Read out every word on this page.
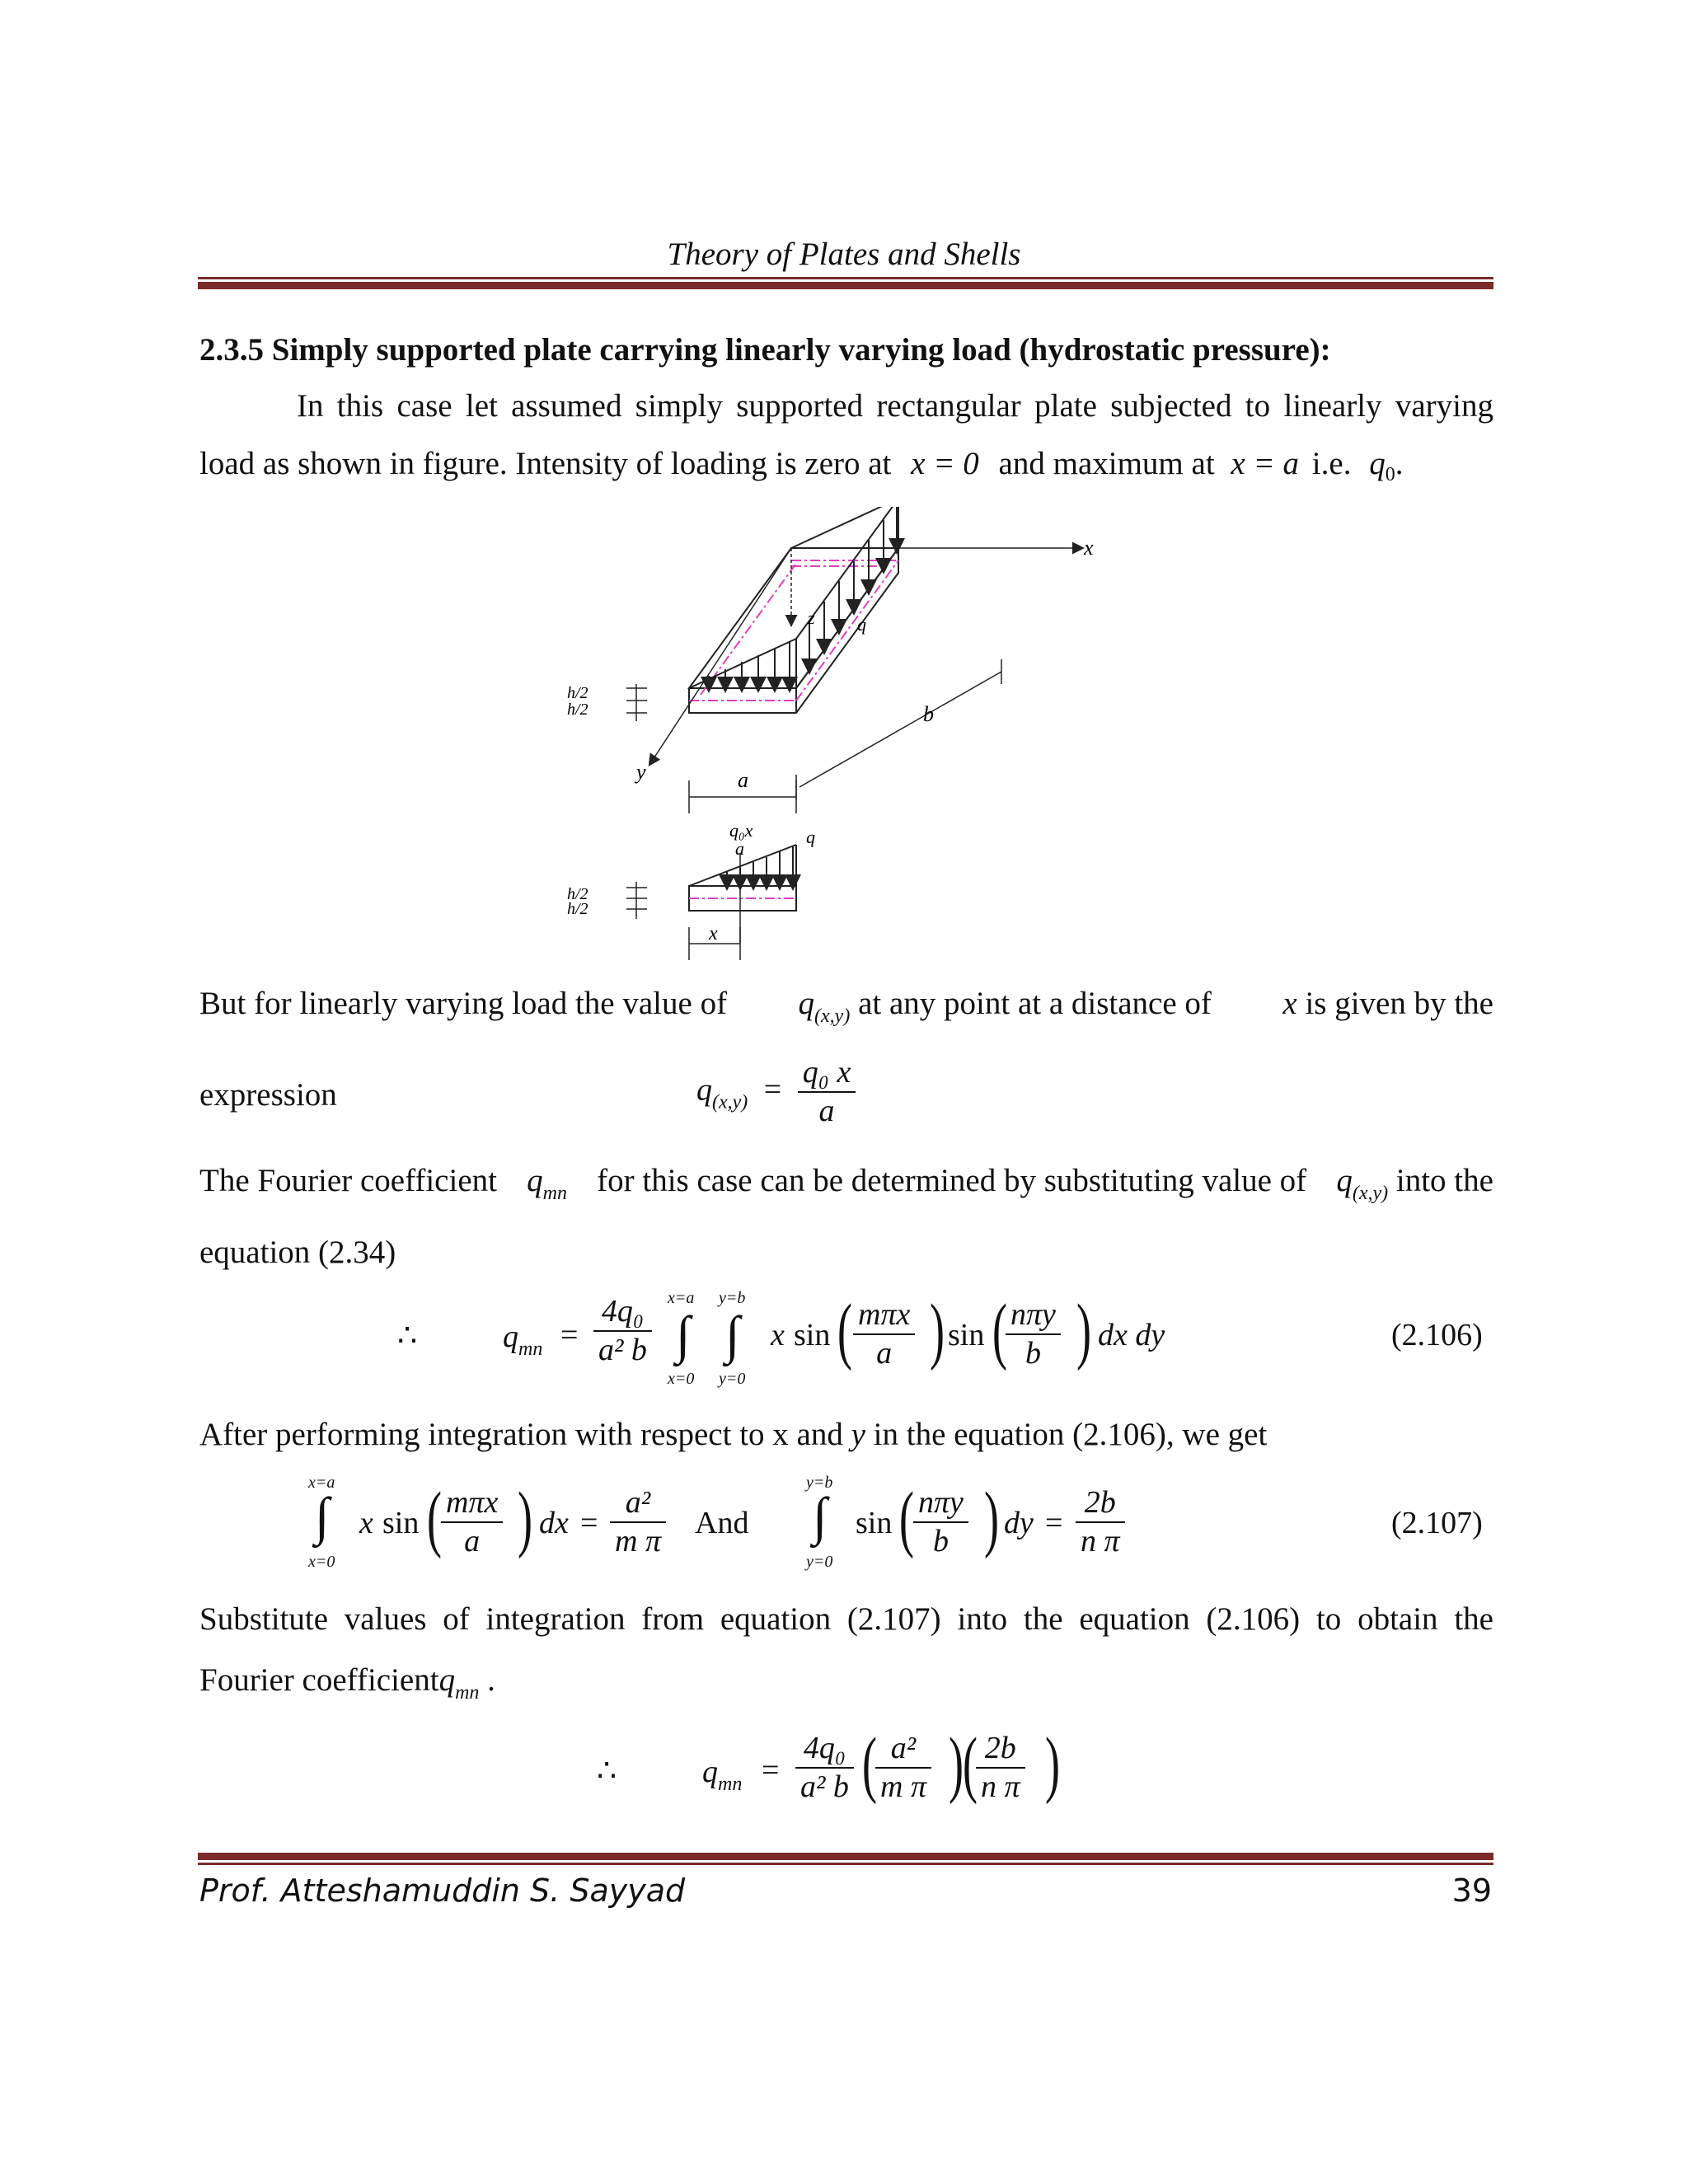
Theory of Plates and Shells
2.3.5 Simply supported plate carrying linearly varying load (hydrostatic pressure):
In this case let assumed simply supported rectangular plate subjected to linearly varying
load as shown in figure. Intensity of loading is zero at x = 0 and maximum at x = a i.e. $q_0$.
x
y
z q
b
a
h/2
h/2
q₀x
a
q
h/2
h/2
x
But for linearly varying load the value of $q_{(x,y)}$ at any point at a distance of x is given by the
expression	$q_{(x,y)} = \frac{\text{q₀ x}}{a}$
The Fourier coefficient $q_{mn}$ for this case can be determined by substituting value of $q_{(x,y)}$ into the
equation (2.34)
∴	$q_{mn} = \frac{\text{4q₀}}{\text{a² b}} x=a$
∫
x=0
y=b
∫
y=0
x sin ( mπx
a ) sin ( nπy
b ) dx dy	(2.106)
After performing integration with respect to x and y in the equation (2.106), we get
x=a
∫
x=0
x sin ( mπx
a ) dx = $\frac{\text{a²}}{\text{m π}}$ And
y=b
∫
y=0
sin ( nπy
b ) dy = $\frac{2b}{\text{n π}}$	(2.107)
Substitute values of integration from equation (2.107) into the equation (2.106) to obtain the
Fourier coefficientq$_{mn}$ .
∴	$q_{mn} = \frac{\text{4q₀}}{\text{a² b}}$ (
$\frac{\text{a²}}{\text{m π}}$ ) (
$\frac{2b}{\text{n π}}$ )
Prof. Atteshamuddin S. Sayyad	39
